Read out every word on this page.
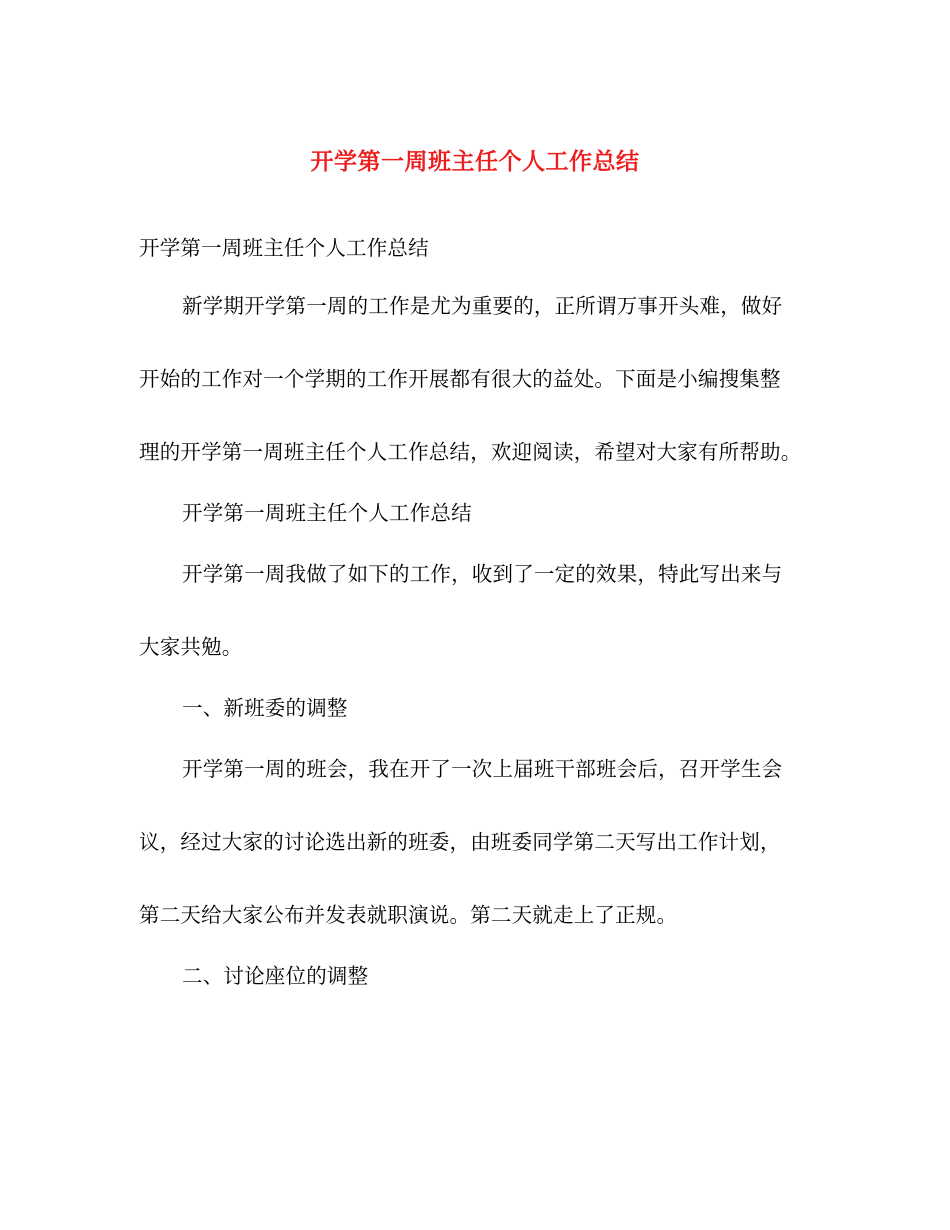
开学第一周班主任个人工作总结
开学第一周班主任个人工作总结
新学期开学第一周的工作是尤为重要的，正所谓万事开头难，做好
开始的工作对一个学期的工作开展都有很大的益处。下面是小编搜集整
理的开学第一周班主任个人工作总结，欢迎阅读，希望对大家有所帮助。
开学第一周班主任个人工作总结
开学第一周我做了如下的工作，收到了一定的效果，特此写出来与
大家共勉。
一、新班委的调整
开学第一周的班会，我在开了一次上届班干部班会后，召开学生会
议，经过大家的讨论选出新的班委，由班委同学第二天写出工作计划，
第二天给大家公布并发表就职演说。第二天就走上了正规。
二、讨论座位的调整
